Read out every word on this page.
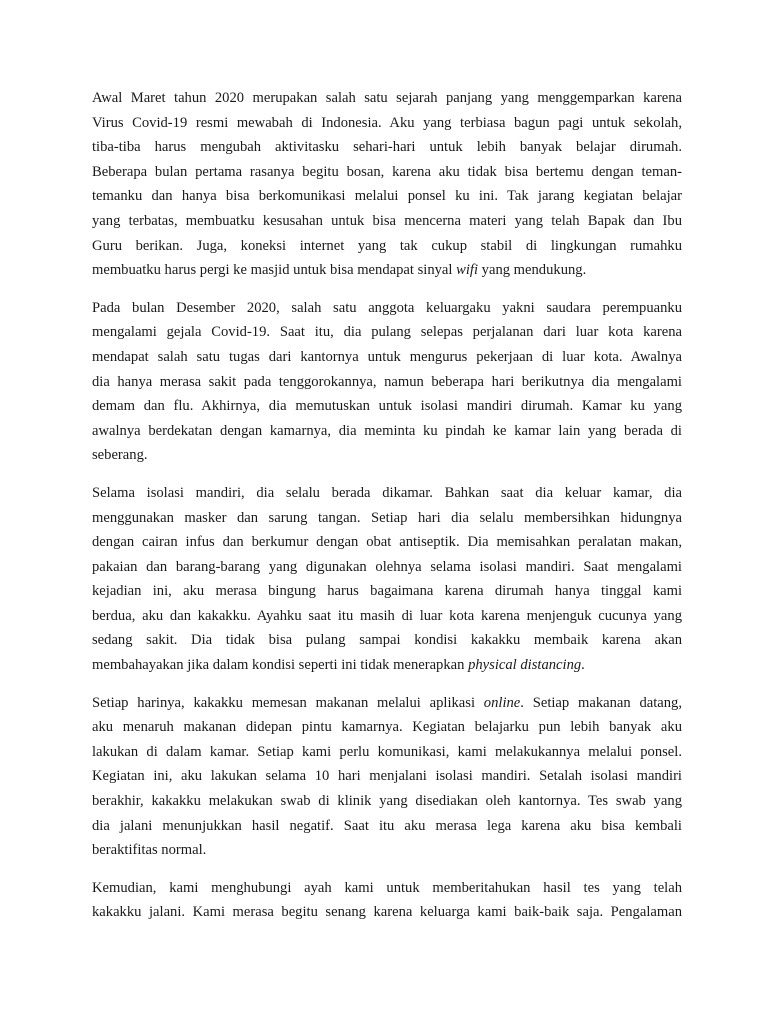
Awal Maret tahun 2020 merupakan salah satu sejarah panjang yang menggemparkan karena
Virus Covid-19 resmi mewabah di Indonesia. Aku yang terbiasa bagun pagi untuk sekolah,
tiba-tiba harus mengubah aktivitasku sehari-hari untuk lebih banyak belajar dirumah.
Beberapa bulan pertama rasanya begitu bosan, karena aku tidak bisa bertemu dengan teman-
temanku dan hanya bisa berkomunikasi melalui ponsel ku ini. Tak jarang kegiatan belajar
yang terbatas, membuatku kesusahan untuk bisa mencerna materi yang telah Bapak dan Ibu
Guru berikan. Juga, koneksi internet yang tak cukup stabil di lingkungan rumahku
membuatku harus pergi ke masjid untuk bisa mendapat sinyal wifi yang mendukung.

Pada bulan Desember 2020, salah satu anggota keluargaku yakni saudara perempuanku
mengalami gejala Covid-19. Saat itu, dia pulang selepas perjalanan dari luar kota karena
mendapat salah satu tugas dari kantornya untuk mengurus pekerjaan di luar kota. Awalnya
dia hanya merasa sakit pada tenggorokannya, namun beberapa hari berikutnya dia mengalami
demam dan flu. Akhirnya, dia memutuskan untuk isolasi mandiri dirumah. Kamar ku yang
awalnya berdekatan dengan kamarnya, dia meminta ku pindah ke kamar lain yang berada di
seberang.

Selama isolasi mandiri, dia selalu berada dikamar. Bahkan saat dia keluar kamar, dia
menggunakan masker dan sarung tangan. Setiap hari dia selalu membersihkan hidungnya
dengan cairan infus dan berkumur dengan obat antiseptik. Dia memisahkan peralatan makan,
pakaian dan barang-barang yang digunakan olehnya selama isolasi mandiri. Saat mengalami
kejadian ini, aku merasa bingung harus bagaimana karena dirumah hanya tinggal kami
berdua, aku dan kakakku. Ayahku saat itu masih di luar kota karena menjenguk cucunya yang
sedang sakit. Dia tidak bisa pulang sampai kondisi kakakku membaik karena akan
membahayakan jika dalam kondisi seperti ini tidak menerapkan physical distancing.

Setiap harinya, kakakku memesan makanan melalui aplikasi online. Setiap makanan datang,
aku menaruh makanan didepan pintu kamarnya. Kegiatan belajarku pun lebih banyak aku
lakukan di dalam kamar. Setiap kami perlu komunikasi, kami melakukannya melalui ponsel.
Kegiatan ini, aku lakukan selama 10 hari menjalani isolasi mandiri. Setalah isolasi mandiri
berakhir, kakakku melakukan swab di klinik yang disediakan oleh kantornya. Tes swab yang
dia jalani menunjukkan hasil negatif. Saat itu aku merasa lega karena aku bisa kembali
beraktifitas normal.

Kemudian, kami menghubungi ayah kami untuk memberitahukan hasil tes yang telah
kakakku jalani. Kami merasa begitu senang karena keluarga kami baik-baik saja. Pengalaman
